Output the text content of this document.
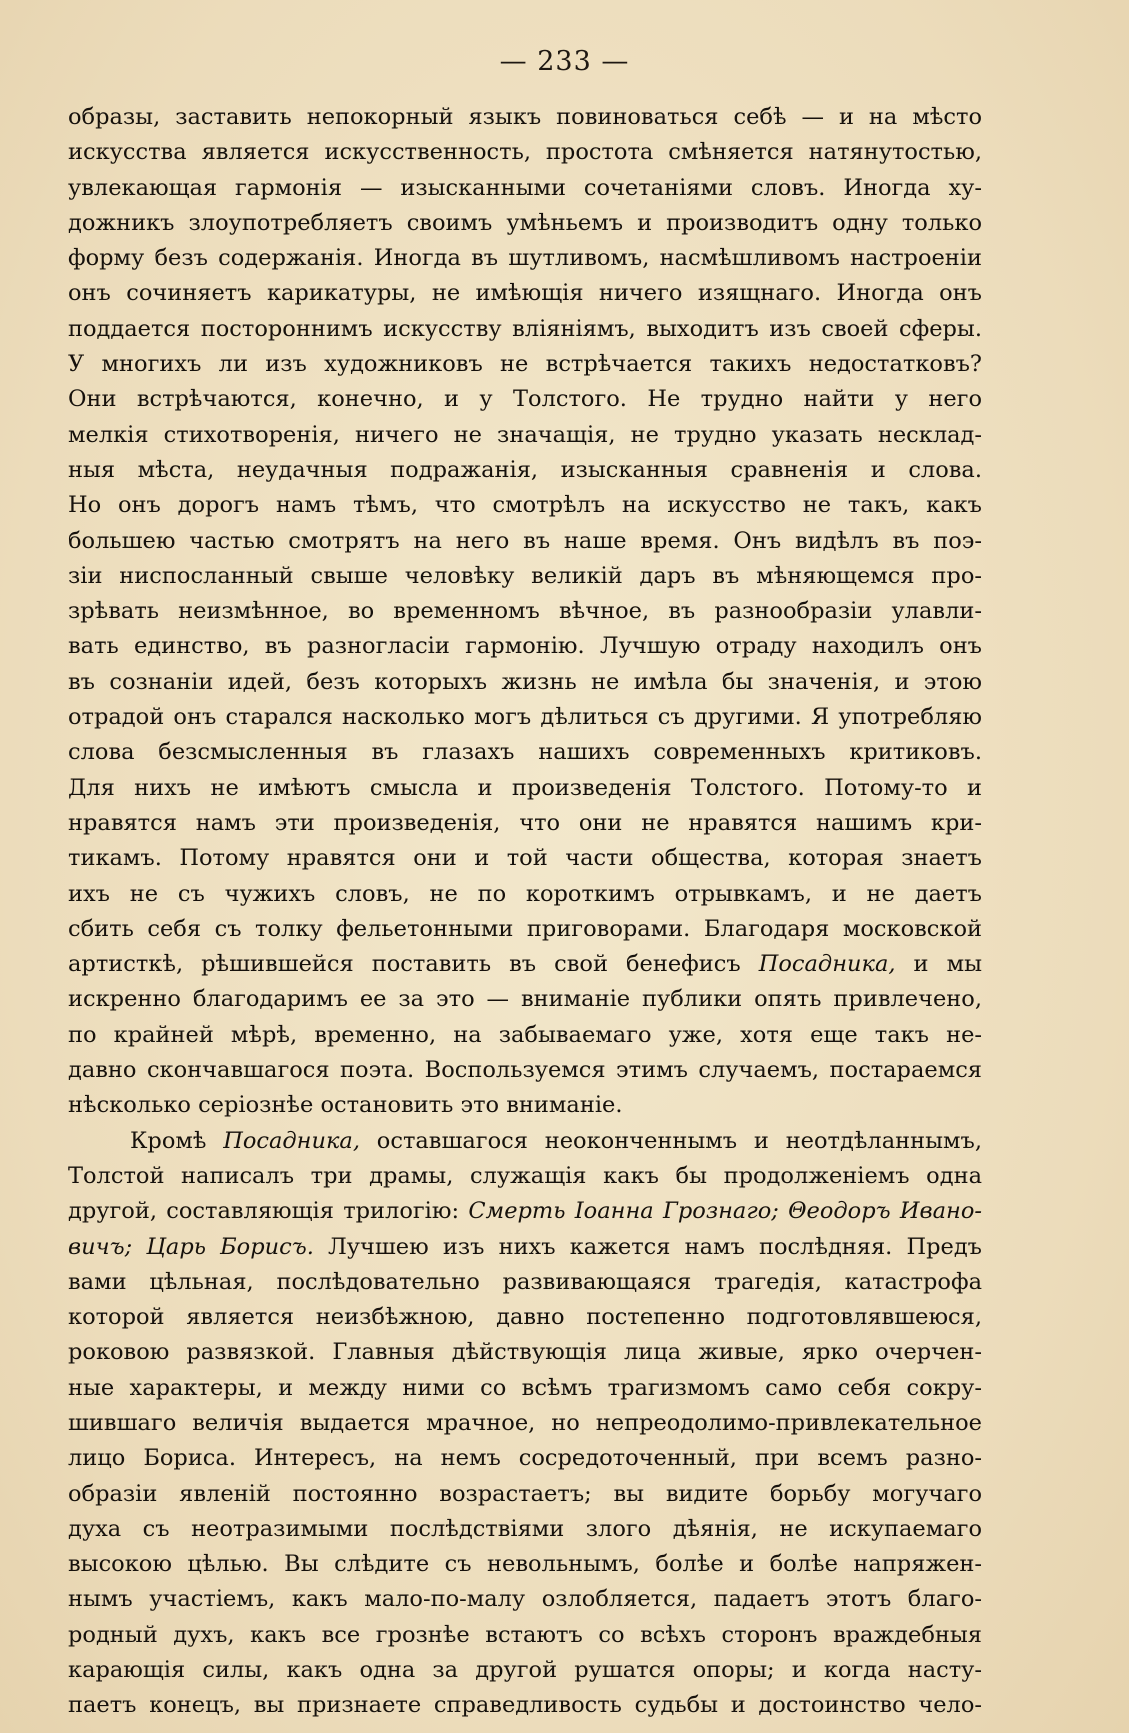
— 233 —
образы, заставить непокорный языкъ повиноваться себѣ — и на мѣсто
искусства является искусственность, простота смѣняется натянутостью,
увлекающая гармонія — изысканными сочетаніями словъ. Иногда ху-
дожникъ злоупотребляетъ своимъ умѣньемъ и производитъ одну только
форму безъ содержанія. Иногда въ шутливомъ, насмѣшливомъ настроеніи
онъ сочиняетъ карикатуры, не имѣющія ничего изящнаго. Иногда онъ
поддается постороннимъ искусству вліяніямъ, выходитъ изъ своей сферы.
У многихъ ли изъ художниковъ не встрѣчается такихъ недостатковъ?
Они встрѣчаются, конечно, и у Толстого. Не трудно найти у него
мелкія стихотворенія, ничего не значащія, не трудно указать несклад-
ныя мѣста, неудачныя подражанія, изысканныя сравненія и слова.
Но онъ дорогъ намъ тѣмъ, что смотрѣлъ на искусство не такъ, какъ
большею частью смотрятъ на него въ наше время. Онъ видѣлъ въ поэ-
зіи ниспосланный свыше человѣку великій даръ въ мѣняющемся про-
зрѣвать неизмѣнное, во временномъ вѣчное, въ разнообразіи улавли-
вать единство, въ разногласіи гармонію. Лучшую отраду находилъ онъ
въ сознаніи идей, безъ которыхъ жизнь не имѣла бы значенія, и этою
отрадой онъ старался насколько могъ дѣлиться съ другими. Я употребляю
слова безсмысленныя въ глазахъ нашихъ современныхъ критиковъ.
Для нихъ не имѣютъ смысла и произведенія Толстого. Потому-то и
нравятся намъ эти произведенія, что они не нравятся нашимъ кри-
тикамъ. Потому нравятся они и той части общества, которая знаетъ
ихъ не съ чужихъ словъ, не по короткимъ отрывкамъ, и не даетъ
сбить себя съ толку фельетонными приговорами. Благодаря московской
артисткѣ, рѣшившейся поставить въ свой бенефисъ Посадника, и мы
искренно благодаримъ ее за это — вниманіе публики опять привлечено,
по крайней мѣрѣ, временно, на забываемаго уже, хотя еще такъ не-
давно скончавшагося поэта. Воспользуемся этимъ случаемъ, постараемся
нѣсколько серіознѣе остановить это вниманіе.
Кромѣ Посадника, оставшагося неоконченнымъ и неотдѣланнымъ,
Толстой написалъ три драмы, служащія какъ бы продолженіемъ одна
другой, составляющія трилогію: Смерть Іоанна Грознаго; Θеодоръ Ивано-
вичъ; Царь Борисъ. Лучшею изъ нихъ кажется намъ послѣдняя. Предъ
вами цѣльная, послѣдовательно развивающаяся трагедія, катастрофа
которой является неизбѣжною, давно постепенно подготовлявшеюся,
роковою развязкой. Главныя дѣйствующія лица живые, ярко очерчен-
ные характеры, и между ними со всѣмъ трагизмомъ само себя сокру-
шившаго величія выдается мрачное, но непреодолимо-привлекательное
лицо Бориса. Интересъ, на немъ сосредоточенный, при всемъ разно-
образіи явленій постоянно возрастаетъ; вы видите борьбу могучаго
духа съ неотразимыми послѣдствіями злого дѣянія, не искупаемаго
высокою цѣлью. Вы слѣдите съ невольнымъ, болѣе и болѣе напряжен-
нымъ участіемъ, какъ мало-по-малу озлобляется, падаетъ этотъ благо-
родный духъ, какъ все грознѣе встаютъ со всѣхъ сторонъ враждебныя
карающія силы, какъ одна за другой рушатся опоры; и когда насту-
паетъ конецъ, вы признаете справедливость судьбы и достоинство чело-
